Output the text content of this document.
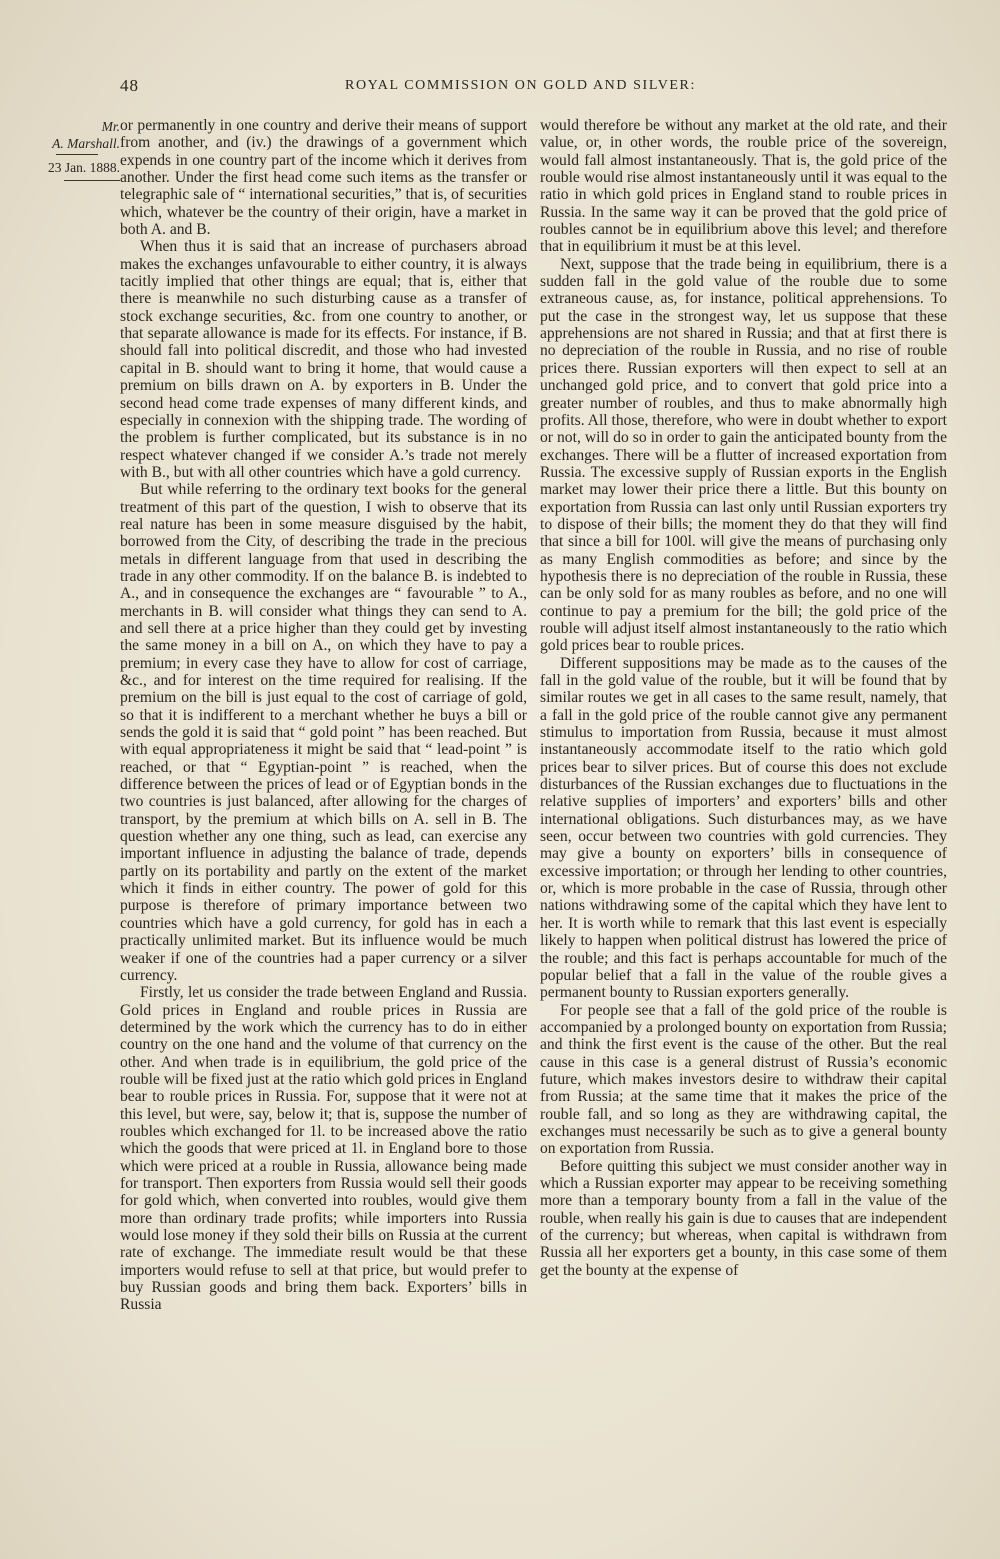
48	ROYAL COMMISSION ON GOLD AND SILVER:
Mr.
A. Marshall.
23 Jan. 1888.

or permanently in one country and derive their means of support from another, and (iv.) the drawings of a government which expends in one country part of the income which it derives from another. Under the first head come such items as the transfer or telegraphic sale of “ international securities,” that is, of securities which, whatever be the country of their origin, have a market in both A. and B.

When thus it is said that an increase of purchasers abroad makes the exchanges unfavourable to either country, it is always tacitly implied that other things are equal; that is, either that there is meanwhile no such disturbing cause as a transfer of stock exchange securities, &c. from one country to another, or that separate allowance is made for its effects. For instance, if B. should fall into political discredit, and those who had invested capital in B. should want to bring it home, that would cause a premium on bills drawn on A. by exporters in B. Under the second head come trade expenses of many different kinds, and especially in connexion with the shipping trade. The wording of the problem is further complicated, but its substance is in no respect whatever changed if we consider A.’s trade not merely with B., but with all other countries which have a gold currency.

But while referring to the ordinary text books for the general treatment of this part of the question, I wish to observe that its real nature has been in some measure disguised by the habit, borrowed from the City, of describing the trade in the precious metals in different language from that used in describing the trade in any other commodity. If on the balance B. is indebted to A., and in consequence the exchanges are “ favourable ” to A., merchants in B. will consider what things they can send to A. and sell there at a price higher than they could get by investing the same money in a bill on A., on which they have to pay a premium; in every case they have to allow for cost of carriage, &c., and for interest on the time required for realising. If the premium on the bill is just equal to the cost of carriage of gold, so that it is indifferent to a merchant whether he buys a bill or sends the gold it is said that “ gold point ” has been reached. But with equal appropriateness it might be said that “ lead-point ” is reached, or that “ Egyptian-point ” is reached, when the difference between the prices of lead or of Egyptian bonds in the two countries is just balanced, after allowing for the charges of transport, by the premium at which bills on A. sell in B. The question whether any one thing, such as lead, can exercise any important influence in adjusting the balance of trade, depends partly on its portability and partly on the extent of the market which it finds in either country. The power of gold for this purpose is therefore of primary importance between two countries which have a gold currency, for gold has in each a practically unlimited market. But its influence would be much weaker if one of the countries had a paper currency or a silver currency.

Firstly, let us consider the trade between England and Russia. Gold prices in England and rouble prices in Russia are determined by the work which the currency has to do in either country on the one hand and the volume of that currency on the other. And when trade is in equilibrium, the gold price of the rouble will be fixed just at the ratio which gold prices in England bear to rouble prices in Russia. For, suppose that it were not at this level, but were, say, below it; that is, suppose the number of roubles which exchanged for 1l. to be increased above the ratio which the goods that were priced at 1l. in England bore to those which were priced at a rouble in Russia, allowance being made for transport. Then exporters from Russia would sell their goods for gold which, when converted into roubles, would give them more than ordinary trade profits; while importers into Russia would lose money if they sold their bills on Russia at the current rate of exchange. The immediate result would be that these importers would refuse to sell at that price, but would prefer to buy Russian goods and bring them back. Exporters’ bills in Russia

would therefore be without any market at the old rate, and their value, or, in other words, the rouble price of the sovereign, would fall almost instantaneously. That is, the gold price of the rouble would rise almost instantaneously until it was equal to the ratio in which gold prices in England stand to rouble prices in Russia. In the same way it can be proved that the gold price of roubles cannot be in equilibrium above this level; and therefore that in equilibrium it must be at this level.

Next, suppose that the trade being in equilibrium, there is a sudden fall in the gold value of the rouble due to some extraneous cause, as, for instance, political apprehensions. To put the case in the strongest way, let us suppose that these apprehensions are not shared in Russia; and that at first there is no depreciation of the rouble in Russia, and no rise of rouble prices there. Russian exporters will then expect to sell at an unchanged gold price, and to convert that gold price into a greater number of roubles, and thus to make abnormally high profits. All those, therefore, who were in doubt whether to export or not, will do so in order to gain the anticipated bounty from the exchanges. There will be a flutter of increased exportation from Russia. The excessive supply of Russian exports in the English market may lower their price there a little. But this bounty on exportation from Russia can last only until Russian exporters try to dispose of their bills; the moment they do that they will find that since a bill for 100l. will give the means of purchasing only as many English commodities as before; and since by the hypothesis there is no depreciation of the rouble in Russia, these can be only sold for as many roubles as before, and no one will continue to pay a premium for the bill; the gold price of the rouble will adjust itself almost instantaneously to the ratio which gold prices bear to rouble prices.

Different suppositions may be made as to the causes of the fall in the gold value of the rouble, but it will be found that by similar routes we get in all cases to the same result, namely, that a fall in the gold price of the rouble cannot give any permanent stimulus to importation from Russia, because it must almost instantaneously accommodate itself to the ratio which gold prices bear to silver prices. But of course this does not exclude disturbances of the Russian exchanges due to fluctuations in the relative supplies of importers’ and exporters’ bills and other international obligations. Such disturbances may, as we have seen, occur between two countries with gold currencies. They may give a bounty on exporters’ bills in consequence of excessive importation; or through her lending to other countries, or, which is more probable in the case of Russia, through other nations withdrawing some of the capital which they have lent to her. It is worth while to remark that this last event is especially likely to happen when political distrust has lowered the price of the rouble; and this fact is perhaps accountable for much of the popular belief that a fall in the value of the rouble gives a permanent bounty to Russian exporters generally.

For people see that a fall of the gold price of the rouble is accompanied by a prolonged bounty on exportation from Russia; and think the first event is the cause of the other. But the real cause in this case is a general distrust of Russia’s economic future, which makes investors desire to withdraw their capital from Russia; at the same time that it makes the price of the rouble fall, and so long as they are withdrawing capital, the exchanges must necessarily be such as to give a general bounty on exportation from Russia.

Before quitting this subject we must consider another way in which a Russian exporter may appear to be receiving something more than a temporary bounty from a fall in the value of the rouble, when really his gain is due to causes that are independent of the currency; but whereas, when capital is withdrawn from Russia all her exporters get a bounty, in this case some of them get the bounty at the expense of
